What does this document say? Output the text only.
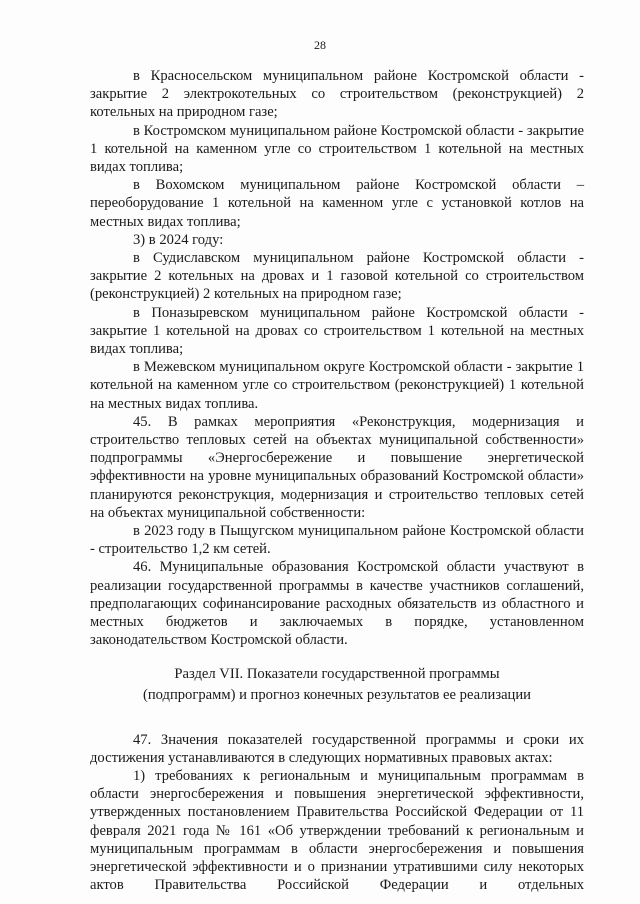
28

в Красносельском муниципальном районе Костромской области - закрытие 2 электрокотельных со строительством (реконструкцией) 2 котельных на природном газе;

в Костромском муниципальном районе Костромской области - закрытие 1 котельной на каменном угле со строительством 1 котельной на местных видах топлива;

в Вохомском муниципальном районе Костромской области – переоборудование 1 котельной на каменном угле с установкой котлов на местных видах топлива;

3) в 2024 году:

в Судиславском муниципальном районе Костромской области - закрытие 2 котельных на дровах и 1 газовой котельной со строительством (реконструкцией) 2 котельных на природном газе;

в Поназыревском муниципальном районе Костромской области - закрытие 1 котельной на дровах со строительством 1 котельной на местных видах топлива;

в Межевском муниципальном округе Костромской области - закрытие 1 котельной на каменном угле со строительством (реконструкцией) 1 котельной на местных видах топлива.

45. В рамках мероприятия «Реконструкция, модернизация и строительство тепловых сетей на объектах муниципальной собственности» подпрограммы «Энергосбережение и повышение энергетической эффективности на уровне муниципальных образований Костромской области» планируются реконструкция, модернизация и строительство тепловых сетей на объектах муниципальной собственности:

в 2023 году в Пыщугском муниципальном районе Костромской области - строительство 1,2 км сетей.

46. Муниципальные образования Костромской области участвуют в реализации государственной программы в качестве участников соглашений, предполагающих софинансирование расходных обязательств из областного и местных бюджетов и заключаемых в порядке, установленном законодательством Костромской области.

Раздел VII. Показатели государственной программы
(подпрограмм) и прогноз конечных результатов ее реализации

47. Значения показателей государственной программы и сроки их достижения устанавливаются в следующих нормативных правовых актах:

1) требованиях к региональным и муниципальным программам в области энергосбережения и повышения энергетической эффективности, утвержденных постановлением Правительства Российской Федерации от 11 февраля 2021 года № 161 «Об утверждении требований к региональным и муниципальным программам в области энергосбережения и повышения энергетической эффективности и о признании утратившими силу некоторых актов Правительства Российской Федерации и отдельных
